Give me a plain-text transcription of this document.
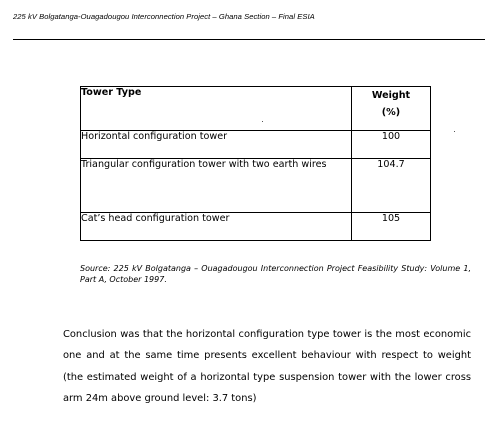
225 kV Bolgatanga-Ouagadougou Interconnection Project – Ghana Section – Final ESIA
Tower Type	Weight
(%)

Horizontal configuration tower	100
Triangular configuration tower with two earth wires	104.7
Cat’s head configuration tower	105
Source: 225 kV Bolgatanga – Ouagadougou Interconnection Project Feasibility Study: Volume 1, Part A, October 1997.
Conclusion was that the horizontal configuration type tower is the most economic one and at the same time presents excellent behaviour with respect to weight (the estimated weight of a horizontal type suspension tower with the lower cross arm 24m above ground level: 3.7 tons)
